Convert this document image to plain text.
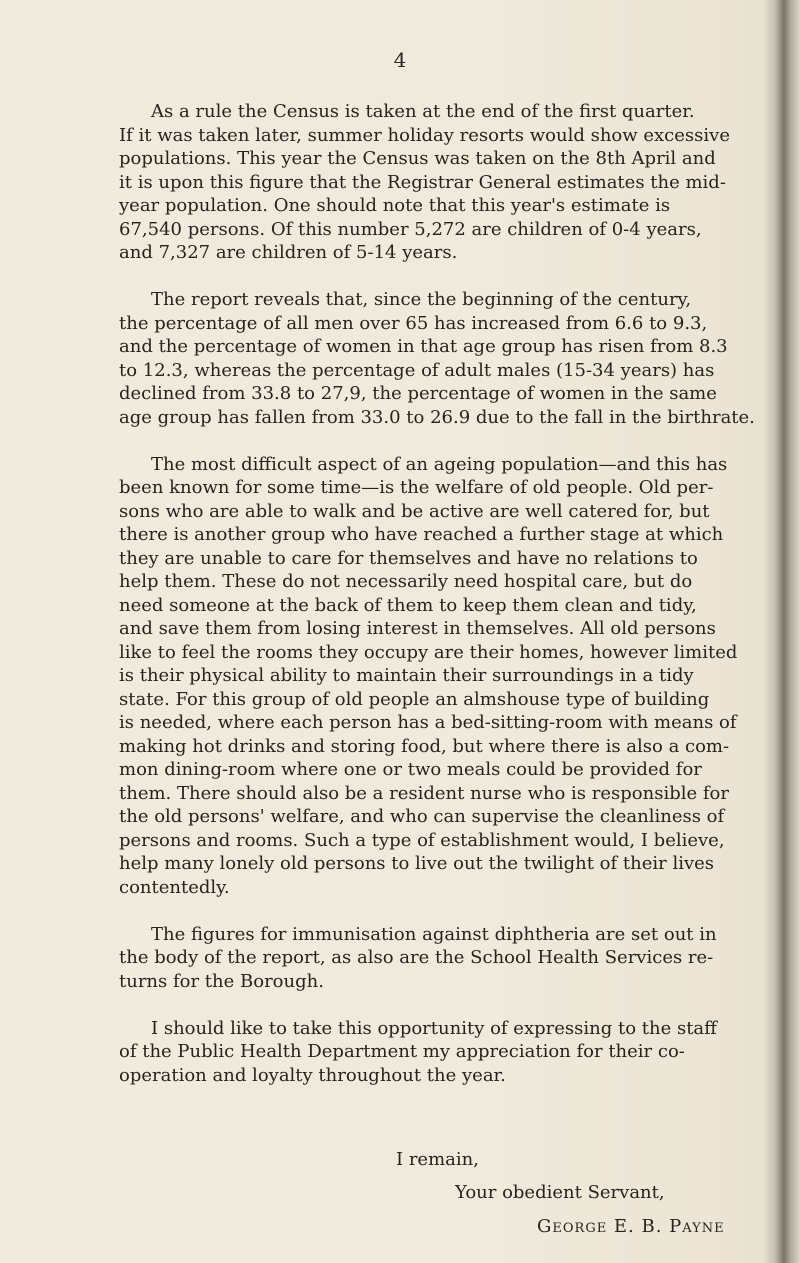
4
As a rule the Census is taken at the end of the first quarter.
If it was taken later, summer holiday resorts would show excessive
populations. This year the Census was taken on the 8th April and
it is upon this figure that the Registrar General estimates the mid-
year population. One should note that this year's estimate is
67,540 persons. Of this number 5,272 are children of 0-4 years,
and 7,327 are children of 5-14 years.
The report reveals that, since the beginning of the century,
the percentage of all men over 65 has increased from 6.6 to 9.3,
and the percentage of women in that age group has risen from 8.3
to 12.3, whereas the percentage of adult males (15-34 years) has
declined from 33.8 to 27,9, the percentage of women in the same
age group has fallen from 33.0 to 26.9 due to the fall in the birthrate.
The most difficult aspect of an ageing population—and this has
been known for some time—is the welfare of old people. Old per-
sons who are able to walk and be active are well catered for, but
there is another group who have reached a further stage at which
they are unable to care for themselves and have no relations to
help them. These do not necessarily need hospital care, but do
need someone at the back of them to keep them clean and tidy,
and save them from losing interest in themselves. All old persons
like to feel the rooms they occupy are their homes, however limited
is their physical ability to maintain their surroundings in a tidy
state. For this group of old people an almshouse type of building
is needed, where each person has a bed-sitting-room with means of
making hot drinks and storing food, but where there is also a com-
mon dining-room where one or two meals could be provided for
them. There should also be a resident nurse who is responsible for
the old persons' welfare, and who can supervise the cleanliness of
persons and rooms. Such a type of establishment would, I believe,
help many lonely old persons to live out the twilight of their lives
contentedly.
The figures for immunisation against diphtheria are set out in
the body of the report, as also are the School Health Services re-
turns for the Borough.
I should like to take this opportunity of expressing to the staff
of the Public Health Department my appreciation for their co-
operation and loyalty throughout the year.
I remain,
Your obedient Servant,
George E. B. Payne
